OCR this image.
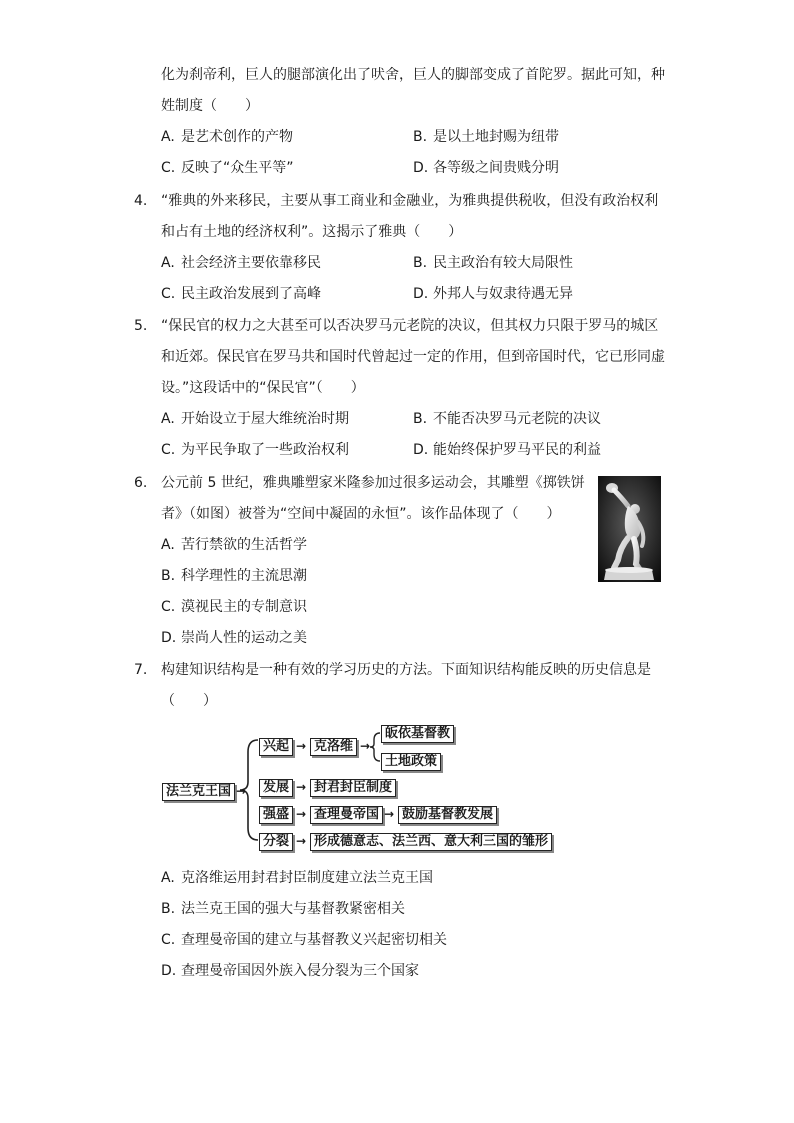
化为刹帝利，巨人的腿部演化出了吠舍，巨人的脚部变成了首陀罗。据此可知，种
姓制度（　　）
A. 是艺术创作的产物	B. 是以土地封赐为纽带
C. 反映了“众生平等”	D. 各等级之间贵贱分明
4. “雅典的外来移民，主要从事工商业和金融业，为雅典提供税收，但没有政治权利
和占有土地的经济权利”。这揭示了雅典（　　）
A. 社会经济主要依靠移民	B. 民主政治有较大局限性
C. 民主政治发展到了高峰	D. 外邦人与奴隶待遇无异
5. “保民官的权力之大甚至可以否决罗马元老院的决议，但其权力只限于罗马的城区
和近郊。保民官在罗马共和国时代曾起过一定的作用，但到帝国时代，它已形同虚
设。”这段话中的“保民官”（　　）
A. 开始设立于屋大维统治时期	B. 不能否决罗马元老院的决议
C. 为平民争取了一些政治权利	D. 能始终保护罗马平民的利益
6. 公元前 5 世纪，雅典雕塑家米隆参加过很多运动会，其雕塑《掷铁饼
者》（如图）被誉为“空间中凝固的永恒”。该作品体现了（　　）
A. 苦行禁欲的生活哲学
B. 科学理性的主流思潮
C. 漠视民主的专制意识
D. 崇尚人性的运动之美
7. 构建知识结构是一种有效的学习历史的方法。下面知识结构能反映的历史信息是
（　　）
法兰克王国 →
兴起 → 克洛维 →
皈依基督教
土地政策
发展 → 封君封臣制度
强盛 → 查理曼帝国 → 鼓励基督教发展
分裂 → 形成德意志、法兰西、意大利三国的雏形
A. 克洛维运用封君封臣制度建立法兰克王国
B. 法兰克王国的强大与基督教紧密相关
C. 查理曼帝国的建立与基督教义兴起密切相关
D. 查理曼帝国因外族入侵分裂为三个国家
